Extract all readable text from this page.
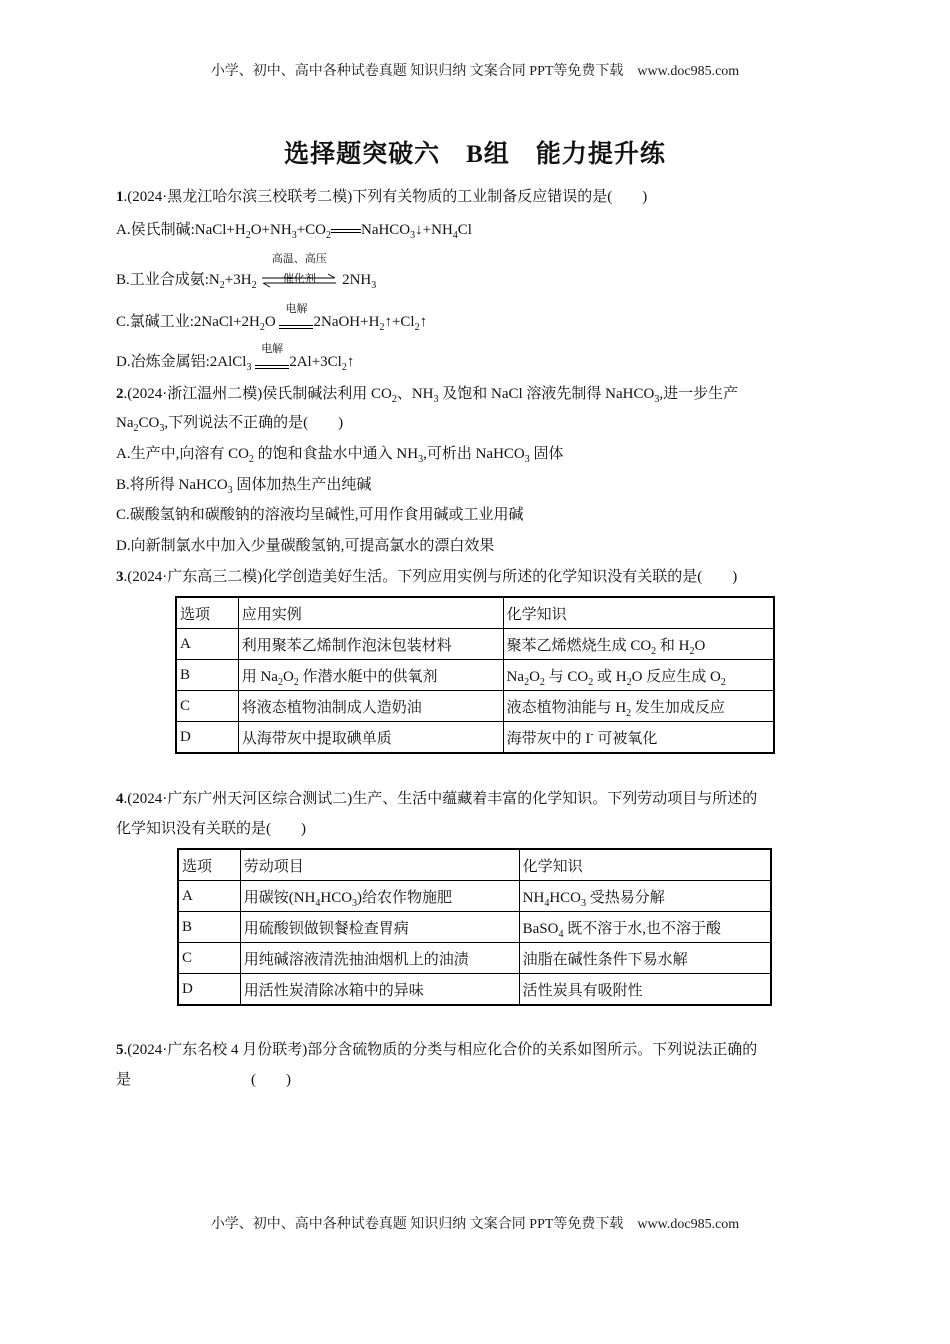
小学、初中、高中各种试卷真题 知识归纳 文案合同 PPT等免费下载　www.doc985.com
选择题突破六　B组　能力提升练
1.(2024·黑龙江哈尔滨三校联考二模)下列有关物质的工业制备反应错误的是(　　)
A.侯氏制碱$:NaCl+H_2O+NH_3+CO_2$ $NaHCO_3↓+NH_4Cl$
B.工业合成氨$:N_2+3H_2$
高温、高压
催化剂	$2NH_3$
C.氯碱工业$:2NaCl+2H_2O$
电解
$2NaOH+H_2↑+Cl_2↑$
D.冶炼金属铝:2AlCl$_3$
电解
$2Al+3Cl_2↑$
2.(2024·浙江温州二模)侯氏制碱法利用 $CO_2$、$NH_3$ 及饱和 NaCl 溶液先制得 NaHCO$_3$,进一步生产
$Na_2CO_3$,下列说法不正确的是(　　)
A.生产中,向溶有 $CO_2$ 的饱和食盐水中通入 $NH_3$,可析出 NaHCO$_3$ 固体
B.将所得 NaHCO$_3$ 固体加热生产出纯碱
C.碳酸氢钠和碳酸钠的溶液均呈碱性,可用作食用碱或工业用碱
D.向新制氯水中加入少量碳酸氢钠,可提高氯水的漂白效果
3.(2024·广东高三二模)化学创造美好生活。下列应用实例与所述的化学知识没有关联的是(　　)
选项	应用实例	化学知识
A	利用聚苯乙烯制作泡沫包装材料	聚苯乙烯燃烧生成 $CO_2$ 和 $H_2O$
B	用 $Na_2O_2$ 作潜水艇中的供氧剂	$Na_2O_2$ 与 $CO_2$ 或 $H_2O$ 反应生成 $O_2$
C	将液态植物油制成人造奶油	液态植物油能与 $H_2$ 发生加成反应
D	从海带灰中提取碘单质	海带灰中的 I- 可被氧化
4.(2024·广东广州天河区综合测试二)生产、生活中蕴藏着丰富的化学知识。下列劳动项目与所述的
化学知识没有关联的是(　　)
选项	劳动项目	化学知识
A	用碳铵$(NH_4HCO_3)$给农作物施肥	$NH_4HCO_3$ 受热易分解
B	用硫酸钡做钡餐检查胃病	BaSO$_4$ 既不溶于水,也不溶于酸
C	用纯碱溶液清洗抽油烟机上的油渍	油脂在碱性条件下易水解
D	用活性炭清除冰箱中的异味	活性炭具有吸附性
5.(2024·广东名校 4 月份联考)部分含硫物质的分类与相应化合价的关系如图所示。下列说法正确的
是　　　　　　　　(　　)
小学、初中、高中各种试卷真题 知识归纳 文案合同 PPT等免费下载　www.doc985.com
